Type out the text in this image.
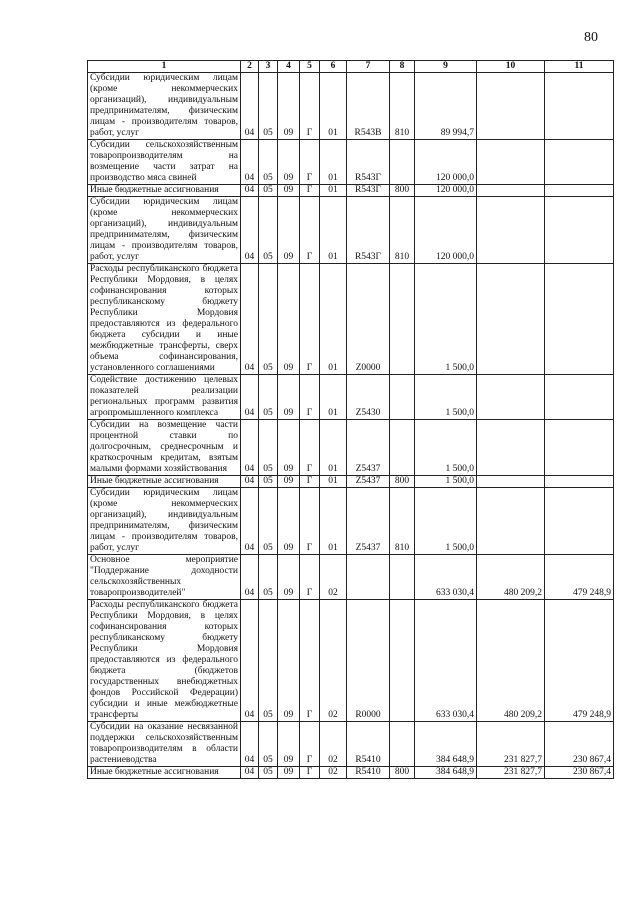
80
1	2	3	4	5	6	7	8	9	10	11
Субсидии юридическим лицам (кроме некоммерческих организаций), индивидуальным предпринимателям, физическим лицам - производителям товаров, работ, услуг	04	05	09	Г	01	R543В	810	89 994,7		
Субсидии сельскохозяйственным товаропроизводителям на возмещение части затрат на производство мяса свиней	04	05	09	Г	01	R543Г		120 000,0		
Иные бюджетные ассигнования	04	05	09	Г	01	R543Г	800	120 000,0		
Субсидии юридическим лицам (кроме некоммерческих организаций), индивидуальным предпринимателям, физическим лицам - производителям товаров, работ, услуг	04	05	09	Г	01	R543Г	810	120 000,0		
Расходы республиканского бюджета Республики Мордовия, в целях софинансирования которых республиканскому бюджету Республики Мордовия предоставляются из федерального бюджета субсидии и иные межбюджетные трансферты, сверх объема софинансирования, установленного соглашениями	04	05	09	Г	01	Z0000		1 500,0		
Содействие достижению целевых показателей реализации региональных программ развития агропромышленного комплекса	04	05	09	Г	01	Z5430		1 500,0		
Субсидии на возмещение части процентной ставки по долгосрочным, среднесрочным и краткосрочным кредитам, взятым малыми формами хозяйствования	04	05	09	Г	01	Z5437		1 500,0		
Иные бюджетные ассигнования	04	05	09	Г	01	Z5437	800	1 500,0		
Субсидии юридическим лицам (кроме некоммерческих организаций), индивидуальным предпринимателям, физическим лицам - производителям товаров, работ, услуг	04	05	09	Г	01	Z5437	810	1 500,0		
Основное мероприятие "Поддержание доходности сельскохозяйственных товаропроизводителей"	04	05	09	Г	02			633 030,4	480 209,2	479 248,9
Расходы республиканского бюджета Республики Мордовия, в целях софинансирования которых республиканскому бюджету Республики Мордовия предоставляются из федерального бюджета (бюджетов государственных внебюджетных фондов Российской Федерации) субсидии и иные межбюджетные трансферты	04	05	09	Г	02	R0000		633 030,4	480 209,2	479 248,9
Субсидии на оказание несвязанной поддержки сельскохозяйственным товаропроизводителям в области растениеводства	04	05	09	Г	02	R5410		384 648,9	231 827,7	230 867,4
Иные бюджетные ассигнования	04	05	09	Г	02	R5410	800	384 648,9	231 827,7	230 867,4
